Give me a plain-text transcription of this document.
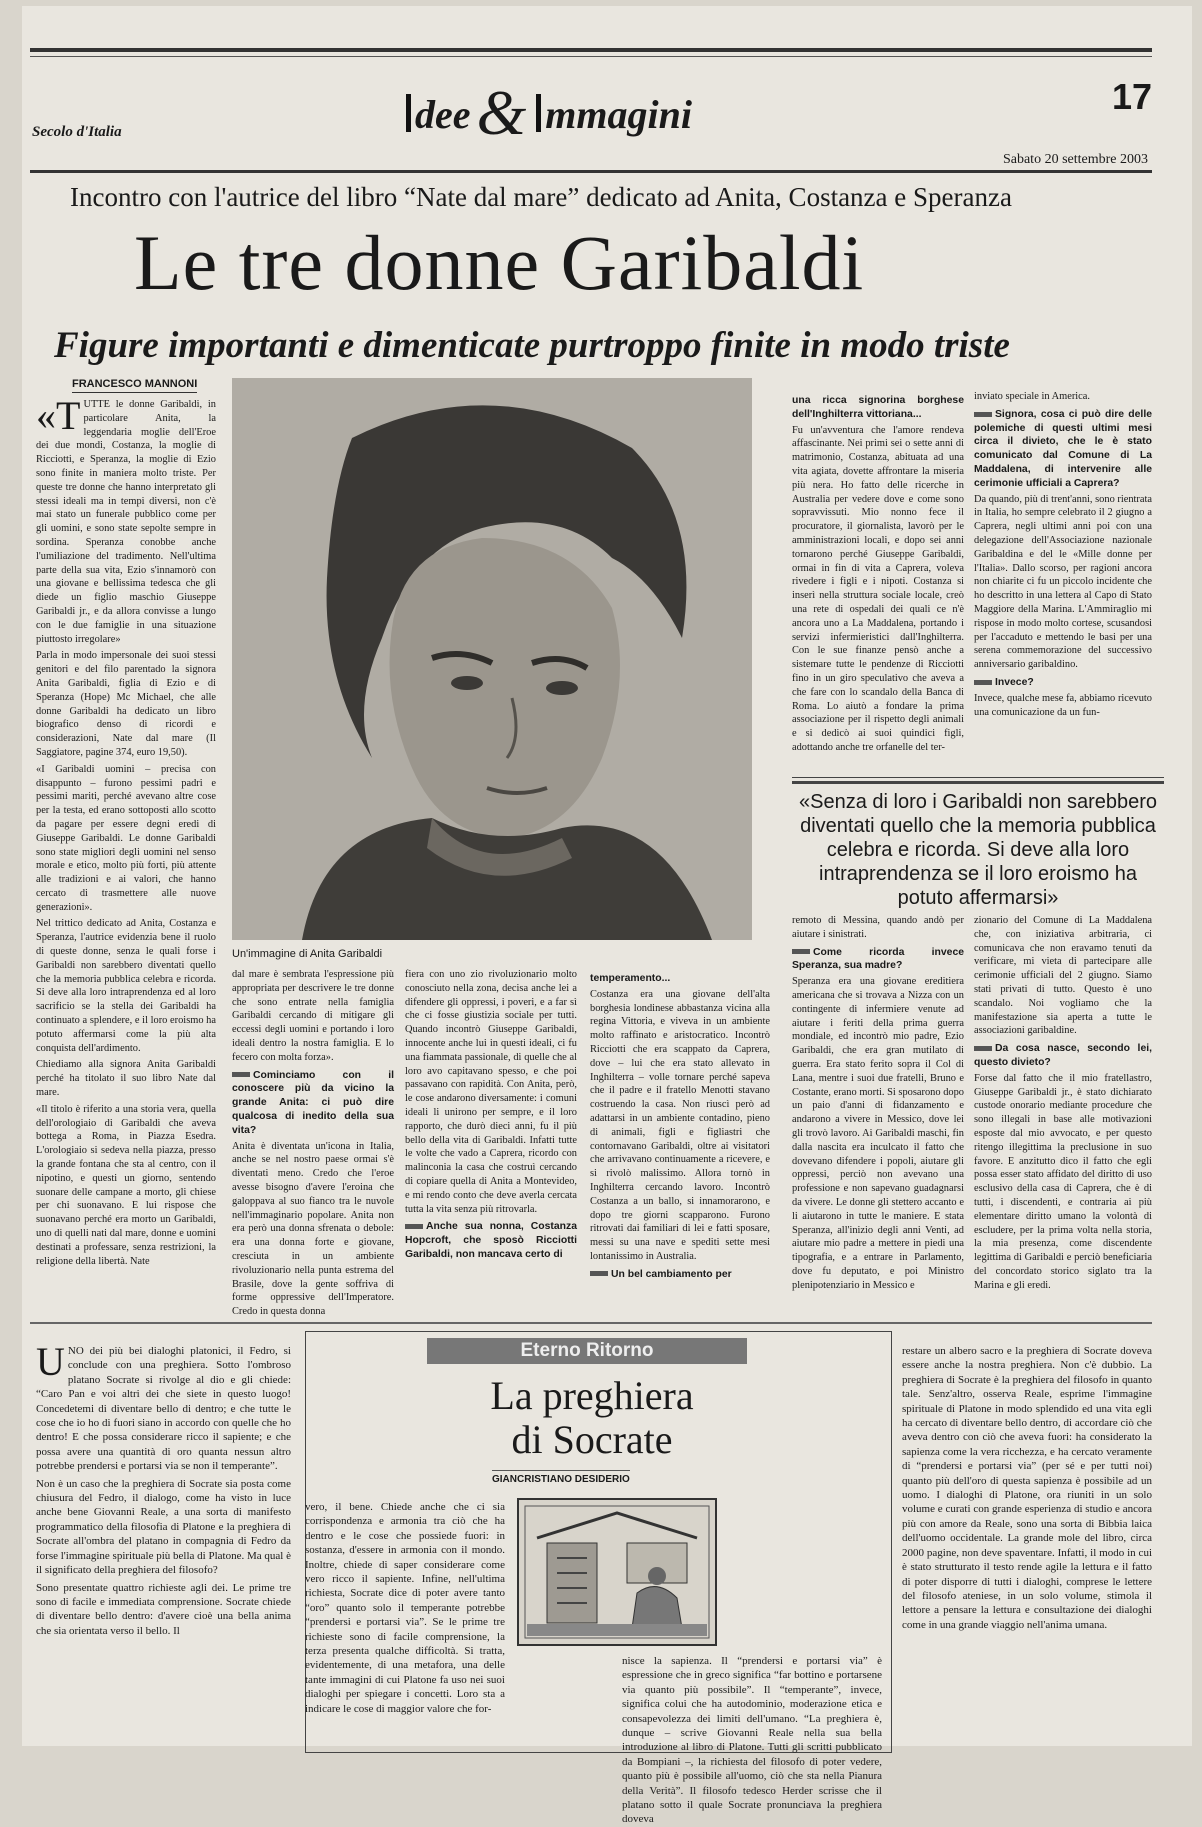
Secolo d'Italia	dee& mmagini	17
Sabato 20 settembre 2003
Incontro con l'autrice del libro “Nate dal mare” dedicato ad Anita, Costanza e Speranza
Le tre donne Garibaldi
Figure importanti e dimenticate purtroppo finite in modo triste
FRANCESCO MANNONI

«TUTTE le donne Garibaldi, in particolare Anita, la leggendaria moglie dell'Eroe dei due mondi, Costanza, la moglie di Ricciotti, e Speranza, la moglie di Ezio sono finite in maniera molto triste. Per queste tre donne che hanno interpretato gli stessi ideali ma in tempi diversi, non c'è mai stato un funerale pubblico come per gli uomini, e sono state sepolte sempre in sordina. Speranza conobbe anche l'umiliazione del tradimento. Nell'ultima parte della sua vita, Ezio s'innamorò con una giovane e bellissima tedesca che gli diede un figlio maschio Giuseppe Garibaldi jr., e da allora convisse a lungo con le due famiglie in una situazione piuttosto irregolare»

Parla in modo impersonale dei suoi stessi genitori e del filo parentado la signora Anita Garibaldi, figlia di Ezio e di Speranza (Hope) Mc Michael, che alle donne Garibaldi ha dedicato un libro biografico denso di ricordi e considerazioni, Nate dal mare (Il Saggiatore, pagine 374, euro 19,50).

«I Garibaldi uomini – precisa con disappunto – furono pessimi padri e pessimi mariti, perché avevano altre cose per la testa, ed erano sottoposti allo scotto da pagare per essere degni eredi di Giuseppe Garibaldi. Le donne Garibaldi sono state migliori degli uomini nel senso morale e etico, molto più forti, più attente alle tradizioni e ai valori, che hanno cercato di trasmettere alle nuove generazioni».

Nel trittico dedicato ad Anita, Costanza e Speranza, l'autrice evidenzia bene il ruolo di queste donne, senza le quali forse i Garibaldi non sarebbero diventati quello che la memoria pubblica celebra e ricorda. Si deve alla loro intraprendenza ed al loro sacrificio se la stella dei Garibaldi ha continuato a splendere, e il loro eroismo ha potuto affermarsi come la più alta conquista dell'ardimento.

Chiediamo alla signora Anita Garibaldi perché ha titolato il suo libro Nate dal mare.

«Il titolo è riferito a una storia vera, quella dell'orologiaio di Garibaldi che aveva bottega a Roma, in Piazza Esedra. L'orologiaio si sedeva nella piazza, presso la grande fontana che sta al centro, con il nipotino, e questi un giorno, sentendo suonare delle campane a morto, gli chiese per chi suonavano. E lui rispose che suonavano perché era morto un Garibaldi, uno di quelli nati dal mare, donne e uomini destinati a professare, senza restrizioni, la religione della libertà. Nate

Un'immagine di Anita Garibaldi

dal mare è sembrata l'espressione più appropriata per descrivere le tre donne che sono entrate nella famiglia Garibaldi cercando di mitigare gli eccessi degli uomini e portando i loro ideali dentro la nostra famiglia. E lo fecero con molta forza».

Cominciamo con il conoscere più da vicino la grande Anita: ci può dire qualcosa di inedito della sua vita?

Anita è diventata un'icona in Italia, anche se nel nostro paese ormai s'è diventati meno. Credo che l'eroe avesse bisogno d'avere l'eroina che galoppava al suo fianco tra le nuvole nell'immaginario popolare. Anita non era però una donna sfrenata o debole: era una donna forte e giovane, cresciuta in un ambiente rivoluzionario nella punta estrema del Brasile, dove la gente soffriva di forme oppressive dell'Imperatore. Credo in questa donna

fiera con uno zio rivoluzionario molto conosciuto nella zona, decisa anche lei a difendere gli oppressi, i poveri, e a far sì che ci fosse giustizia sociale per tutti. Quando incontrò Giuseppe Garibaldi, innocente anche lui in questi ideali, ci fu una fiammata passionale, di quelle che al loro avo capitavano spesso, e che poi passavano con rapidità. Con Anita, però, le cose andarono diversamente: i comuni ideali li unirono per sempre, e il loro rapporto, che durò dieci anni, fu il più bello della vita di Garibaldi. Infatti tutte le volte che vado a Caprera, ricordo con malinconia la casa che costruì cercando di copiare quella di Anita a Montevideo, e mi rendo conto che deve averla cercata tutta la vita senza più ritrovarla.

Anche sua nonna, Costanza Hopcroft, che sposò Ricciotti Garibaldi, non mancava certo di
temperamento...

Costanza era una giovane dell'alta borghesia londinese abbastanza vicina alla regina Vittoria, e viveva in un ambiente molto raffinato e aristocratico. Incontrò Ricciotti che era scappato da Caprera, dove – lui che era stato allevato in Inghilterra – volle tornare perché sapeva che il padre e il fratello Menotti stavano costruendo la casa. Non riuscì però ad adattarsi in un ambiente contadino, pieno di animali, figli e figliastri che contornavano Garibaldi, oltre ai visitatori che arrivavano continuamente a ricevere, e si rivolò malissimo. Allora tornò in Inghilterra cercando lavoro. Incontrò Costanza a un ballo, si innamorarono, e dopo tre giorni scapparono. Furono ritrovati dai familiari di lei e fatti sposare, messi su una nave e spediti sette mesi lontanissimo in Australia.

Un bel cambiamento per
una ricca signorina borghese dell'Inghilterra vittoriana...

Fu un'avventura che l'amore rendeva affascinante. Nei primi sei o sette anni di matrimonio, Costanza, abituata ad una vita agiata, dovette affrontare la miseria più nera. Ho fatto delle ricerche in Australia per vedere dove e come sono sopravvissuti. Mio nonno fece il procuratore, il giornalista, lavorò per le amministrazioni locali, e dopo sei anni tornarono perché Giuseppe Garibaldi, ormai in fin di vita a Caprera, voleva rivedere i figli e i nipoti. Costanza si inserì nella struttura sociale locale, creò una rete di ospedali dei quali ce n'è ancora uno a La Maddalena, portando i servizi infermieristici dall'Inghilterra. Con le sue finanze pensò anche a sistemare tutte le pendenze di Ricciotti fino in un giro speculativo che aveva a che fare con lo scandalo della Banca di Roma. Lo aiutò a fondare la prima associazione per il rispetto degli animali e si dedicò ai suoi quindici figli, adottando anche tre orfanelle del ter-

inviato speciale in America.

Signora, cosa ci può dire delle polemiche di questi ultimi mesi circa il divieto, che le è stato comunicato dal Comune di La Maddalena, di intervenire alle cerimonie ufficiali a Caprera?

Da quando, più di trent'anni, sono rientrata in Italia, ho sempre celebrato il 2 giugno a Caprera, negli ultimi anni poi con una delegazione dell'Associazione nazionale Garibaldina e del le «Mille donne per l'Italia». Dallo scorso, per ragioni ancora non chiarite ci fu un piccolo incidente che ho descritto in una lettera al Capo di Stato Maggiore della Marina. L'Ammiraglio mi rispose in modo molto cortese, scusandosi per l'accaduto e mettendo le basi per una serena commemorazione del successivo anniversario garibaldino.

Invece?

Invece, qualche mese fa, abbiamo ricevuto una comunicazione da un fun-

«Senza di loro i Garibaldi non sarebbero diventati quello che la memoria pubblica celebra e ricorda. Si deve alla loro intraprendenza se il loro eroismo ha potuto affermarsi»

remoto di Messina, quando andò per aiutare i sinistrati.

Come ricorda invece Speranza, sua madre?

Speranza era una giovane ereditiera americana che si trovava a Nizza con un contingente di infermiere venute ad aiutare i feriti della prima guerra mondiale, ed incontrò mio padre, Ezio Garibaldi, che era gran mutilato di guerra. Era stato ferito sopra il Col di Lana, mentre i suoi due fratelli, Bruno e Costante, erano morti. Si sposarono dopo un paio d'anni di fidanzamento e andarono a vivere in Messico, dove lei gli trovò lavoro. Ai Garibaldi maschi, fin dalla nascita era inculcato il fatto che dovevano difendere i popoli, aiutare gli oppressi, perciò non avevano una professione e non sapevano guadagnarsi da vivere. Le donne gli stettero accanto e li aiutarono in tutte le maniere. E stata Speranza, all'inizio degli anni Venti, ad aiutare mio padre a mettere in piedi una tipografia, e a entrare in Parlamento, dove fu deputato, e poi Ministro plenipotenziario in Messico e

zionario del Comune di La Maddalena che, con iniziativa arbitraria, ci comunicava che non eravamo tenuti da verificare, mi vieta di partecipare alle cerimonie ufficiali del 2 giugno. Siamo stati privati di tutto. Questo è uno scandalo. Noi vogliamo che la manifestazione sia aperta a tutte le associazioni garibaldine.

Da cosa nasce, secondo lei, questo divieto?

Forse dal fatto che il mio fratellastro, Giuseppe Garibaldi jr., è stato dichiarato custode onorario mediante procedure che sono illegali in base alle motivazioni esposte dal mio avvocato, e per questo ritengo illegittima la preclusione in suo favore. E anzitutto dico il fatto che egli possa esser stato affidato del diritto di uso esclusivo della casa di Caprera, che è di tutti, i discendenti, e contraria ai più elementare diritto umano la volontà di escludere, per la prima volta nella storia, la mia presenza, come discendente legittima di Garibaldi e perciò beneficiaria del concordato storico siglato tra la Marina e gli eredi.

Eterno Ritorno
La preghiera
di Socrate
GIANCRISTIANO DESIDERIO

UNO dei più bei dialoghi platonici, il Fedro, si conclude con una preghiera. Sotto l'ombroso platano Socrate si rivolge al dio e gli chiede: “Caro Pan e voi altri dei che siete in questo luogo! Concedetemi di diventare bello di dentro; e che tutte le cose che io ho di fuori siano in accordo con quelle che ho dentro! E che possa considerare ricco il sapiente; e che possa avere una quantità di oro quanta nessun altro potrebbe prendersi e portarsi via se non il temperante”.

Non è un caso che la preghiera di Socrate sia posta come chiusura del Fedro, il dialogo, come ha visto in luce anche bene Giovanni Reale, a una sorta di manifesto programmatico della filosofia di Platone e la preghiera di Socrate all'ombra del platano in compagnia di Fedro da forse l'immagine spirituale più bella di Platone. Ma qual è il significato della preghiera del filosofo?

Sono presentate quattro richieste agli dei. Le prime tre sono di facile e immediata comprensione. Socrate chiede di diventare bello dentro: d'avere cioè una bella anima che sia orientata verso il bello. Il

vero, il bene. Chiede anche che ci sia corrispondenza e armonia tra ciò che ha dentro e le cose che possiede fuori: in sostanza, d'essere in armonia con il mondo. Inoltre, chiede di saper considerare come vero ricco il sapiente. Infine, nell'ultima richiesta, Socrate dice di poter avere tanto “oro” quanto solo il temperante potrebbe “prendersi e portarsi via”. Se le prime tre richieste sono di facile comprensione, la terza presenta qualche difficoltà. Si tratta, evidentemente, di una metafora, una delle tante immagini di cui Platone fa uso nei suoi dialoghi per spiegare i concetti. Loro sta a indicare le cose di maggior valore che for-

nisce la sapienza. Il “prendersi e portarsi via” è espressione che in greco significa “far bottino e portarsene via quanto più possibile”. Il “temperante”, invece, significa colui che ha autodominio, moderazione etica e consapevolezza dei limiti dell'umano. “La preghiera è, dunque – scrive Giovanni Reale nella sua bella introduzione al libro di Platone. Tutti gli scritti pubblicato da Bompiani –, la richiesta del filosofo di poter vedere, quanto più è possibile all'uomo, ciò che sta nella Pianura della Verità”. Il filosofo tedesco Herder scrisse che il platano sotto il quale Socrate pronunciava la preghiera doveva

restare un albero sacro e la preghiera di Socrate doveva essere anche la nostra preghiera. Non c'è dubbio. La preghiera di Socrate è la preghiera del filosofo in quanto tale. Senz'altro, osserva Reale, esprime l'immagine spirituale di Platone in modo splendido ed una vita egli ha cercato di diventare bello dentro, di accordare ciò che aveva dentro con ciò che aveva fuori: ha considerato la sapienza come la vera ricchezza, e ha cercato veramente di “prendersi e portarsi via” (per sé e per tutti noi) quanto più dell'oro di questa sapienza è possibile ad un uomo. I dialoghi di Platone, ora riuniti in un solo volume e curati con grande esperienza di studio e ancora più con amore da Reale, sono una sorta di Bibbia laica dell'uomo occidentale. La grande mole del libro, circa 2000 pagine, non deve spaventare. Infatti, il modo in cui è stato strutturato il testo rende agile la lettura e il fatto di poter disporre di tutti i dialoghi, comprese le lettere del filosofo ateniese, in un solo volume, stimola il lettore a pensare la lettura e consultazione dei dialoghi come in una grande viaggio nell'anima umana.
